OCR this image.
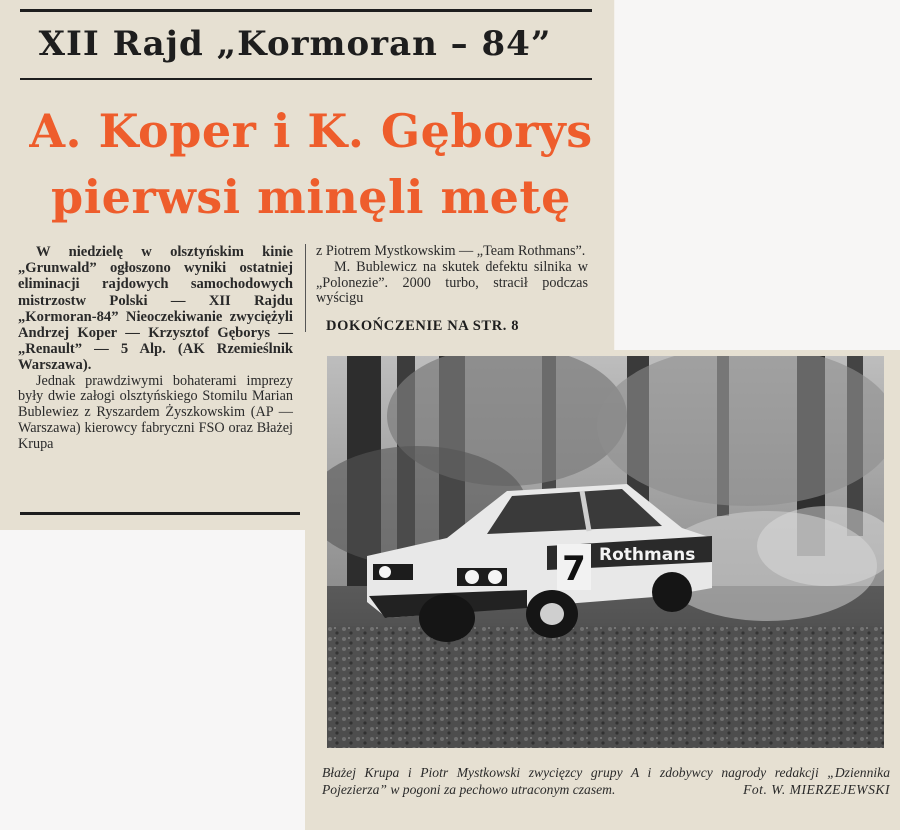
XII Rajd „Kormoran – 84”
A. Koper i K. Gęborys pierwsi minęli metę

W niedzielę w olsztyńskim kinie „Grunwald” ogłoszono wyniki ostatniej eliminacji rajdowych samochodowych mistrzostw Polski — XII Rajdu „Kormoran-84” Nieoczekiwanie zwyciężyli Andrzej Koper — Krzysztof Gęborys — „Renault” — 5 Alp. (AK Rzemieślnik Warszawa).

Jednak prawdziwymi bohaterami imprezy były dwie załogi olsztyńskiego Stomilu Marian Bublewiez z Ryszardem Żyszkowskim (AP — Warszawa) kierowcy fabryczni FSO oraz Błażej Krupa

z Piotrem Mystkowskim — „Team Rothmans”.

M. Bublewicz na skutek defektu silnika w „Polonezie”. 2000 turbo, stracił podczas wyścigu

DOKOŃCZENIE NA STR. 8
7 Rothmans

Błażej Krupa i Piotr Mystkowski zwycięzcy grupy A i zdobywcy nagrody redakcji „Dziennika Pojezierza” w pogoni za pechowo utraconym czasem.	Fot. W. MIERZEJEWSKI
